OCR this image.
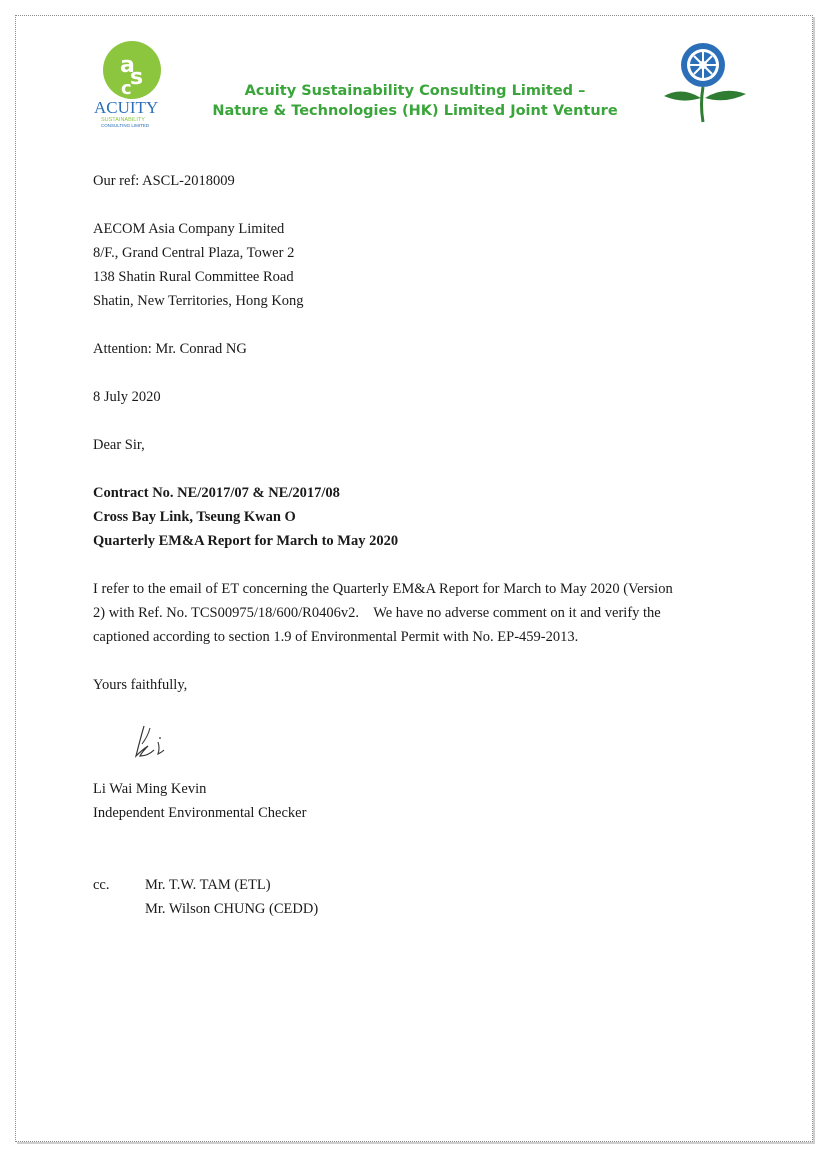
a
s
c
ACUITY
SUSTAINABILITY
CONSULTING LIMITED
Acuity Sustainability Consulting Limited –
Nature & Technologies (HK) Limited Joint Venture
Our ref: ASCL-2018009
AECOM Asia Company Limited
8/F., Grand Central Plaza, Tower 2
138 Shatin Rural Committee Road
Shatin, New Territories, Hong Kong
Attention: Mr. Conrad NG
8 July 2020
Dear Sir,
Contract No. NE/2017/07 & NE/2017/08
Cross Bay Link, Tseung Kwan O
Quarterly EM&A Report for March to May 2020
I refer to the email of ET concerning the Quarterly EM&A Report for March to May 2020 (Version
2) with Ref. No. TCS00975/18/600/R0406v2.    We have no adverse comment on it and verify the
captioned according to section 1.9 of Environmental Permit with No. EP-459-2013.
Yours faithfully,
Li Wai Ming Kevin
Independent Environmental Checker
cc. Mr. T.W. TAM (ETL)
Mr. Wilson CHUNG (CEDD)
